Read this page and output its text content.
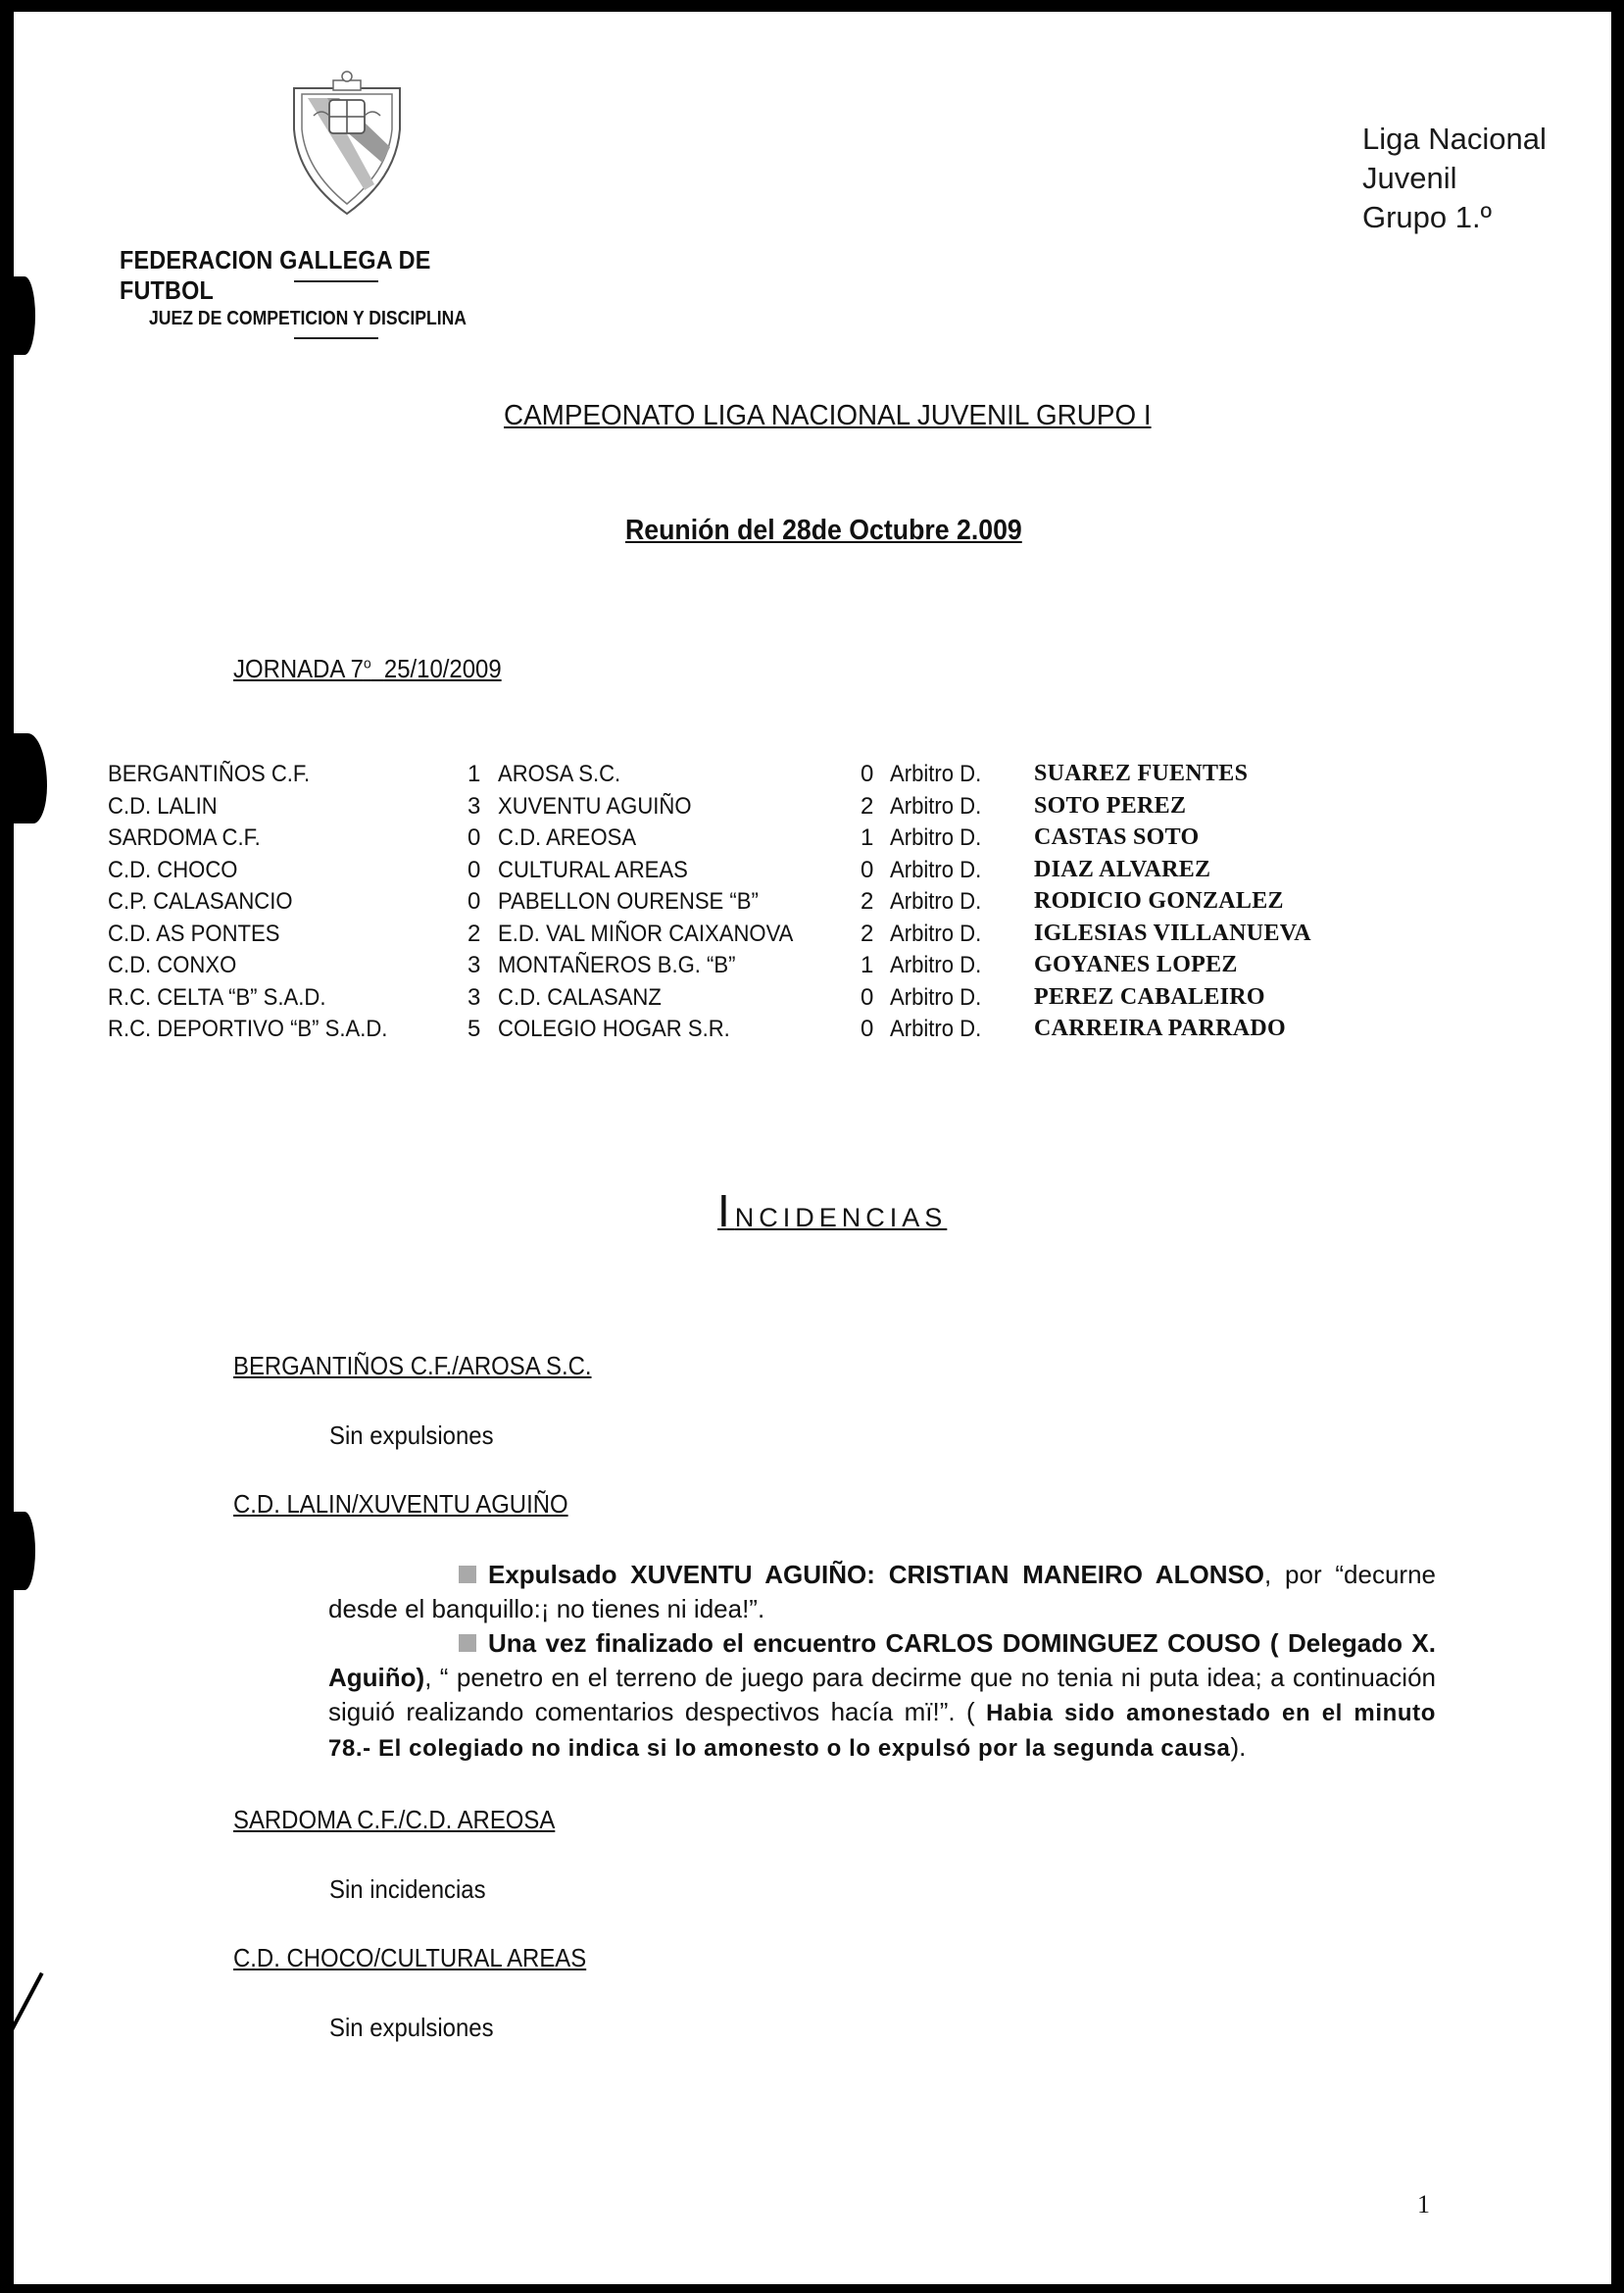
FEDERACION GALLEGA DE FUTBOL
JUEZ DE COMPETICION Y DISCIPLINA
Liga Nacional
Juvenil
Grupo 1.º
CAMPEONATO LIGA NACIONAL JUVENIL GRUPO I
Reunión del 28de Octubre 2.009
JORNADA 7$^o$ 25/10/2009
BERGANTIÑOS C.F.	1 AROSA S.C.	0 Arbitro D. SUAREZ FUENTES
C.D. LALIN	3 XUVENTU AGUIÑO	2 Arbitro D. SOTO PEREZ
SARDOMA C.F.	0 C.D. AREOSA	1 Arbitro D. CASTAS SOTO
C.D. CHOCO	0 CULTURAL AREAS	0 Arbitro D. DIAZ ALVAREZ
C.P. CALASANCIO	0 PABELLON OURENSE “B”	2 Arbitro D. RODICIO GONZALEZ
C.D. AS PONTES	2 E.D. VAL MIÑOR CAIXANOVA	2 Arbitro D. IGLESIAS VILLANUEVA
C.D. CONXO	3 MONTAÑEROS B.G. “B”	1 Arbitro D. GOYANES LOPEZ
R.C. CELTA “B” S.A.D.	3 C.D. CALASANZ	0 Arbitro D. PEREZ CABALEIRO
R.C. DEPORTIVO “B” S.A.D.	5 COLEGIO HOGAR S.R.	0 Arbitro D. CARREIRA PARRADO
INCIDENCIAS
BERGANTIÑOS C.F./AROSA S.C.
Sin expulsiones
C.D. LALIN/XUVENTU AGUIÑO
Expulsado XUVENTU AGUIÑO: CRISTIAN MANEIRO ALONSO, por “decurne desde el banquillo:¡ no tienes ni idea!”.
Una vez finalizado el encuentro CARLOS DOMINGUEZ COUSO ( Delegado X. Aguiño), “ penetro en el terreno de juego para decirme que no tenia ni puta idea; a continuación siguió realizando comentarios despectivos hacía mï!”. ( Habia sido amonestado en el minuto 78.- El colegiado no indica si lo amonesto o lo expulsó por la segunda causa).
SARDOMA C.F./C.D. AREOSA
Sin incidencias
C.D. CHOCO/CULTURAL AREAS
Sin expulsiones
1
